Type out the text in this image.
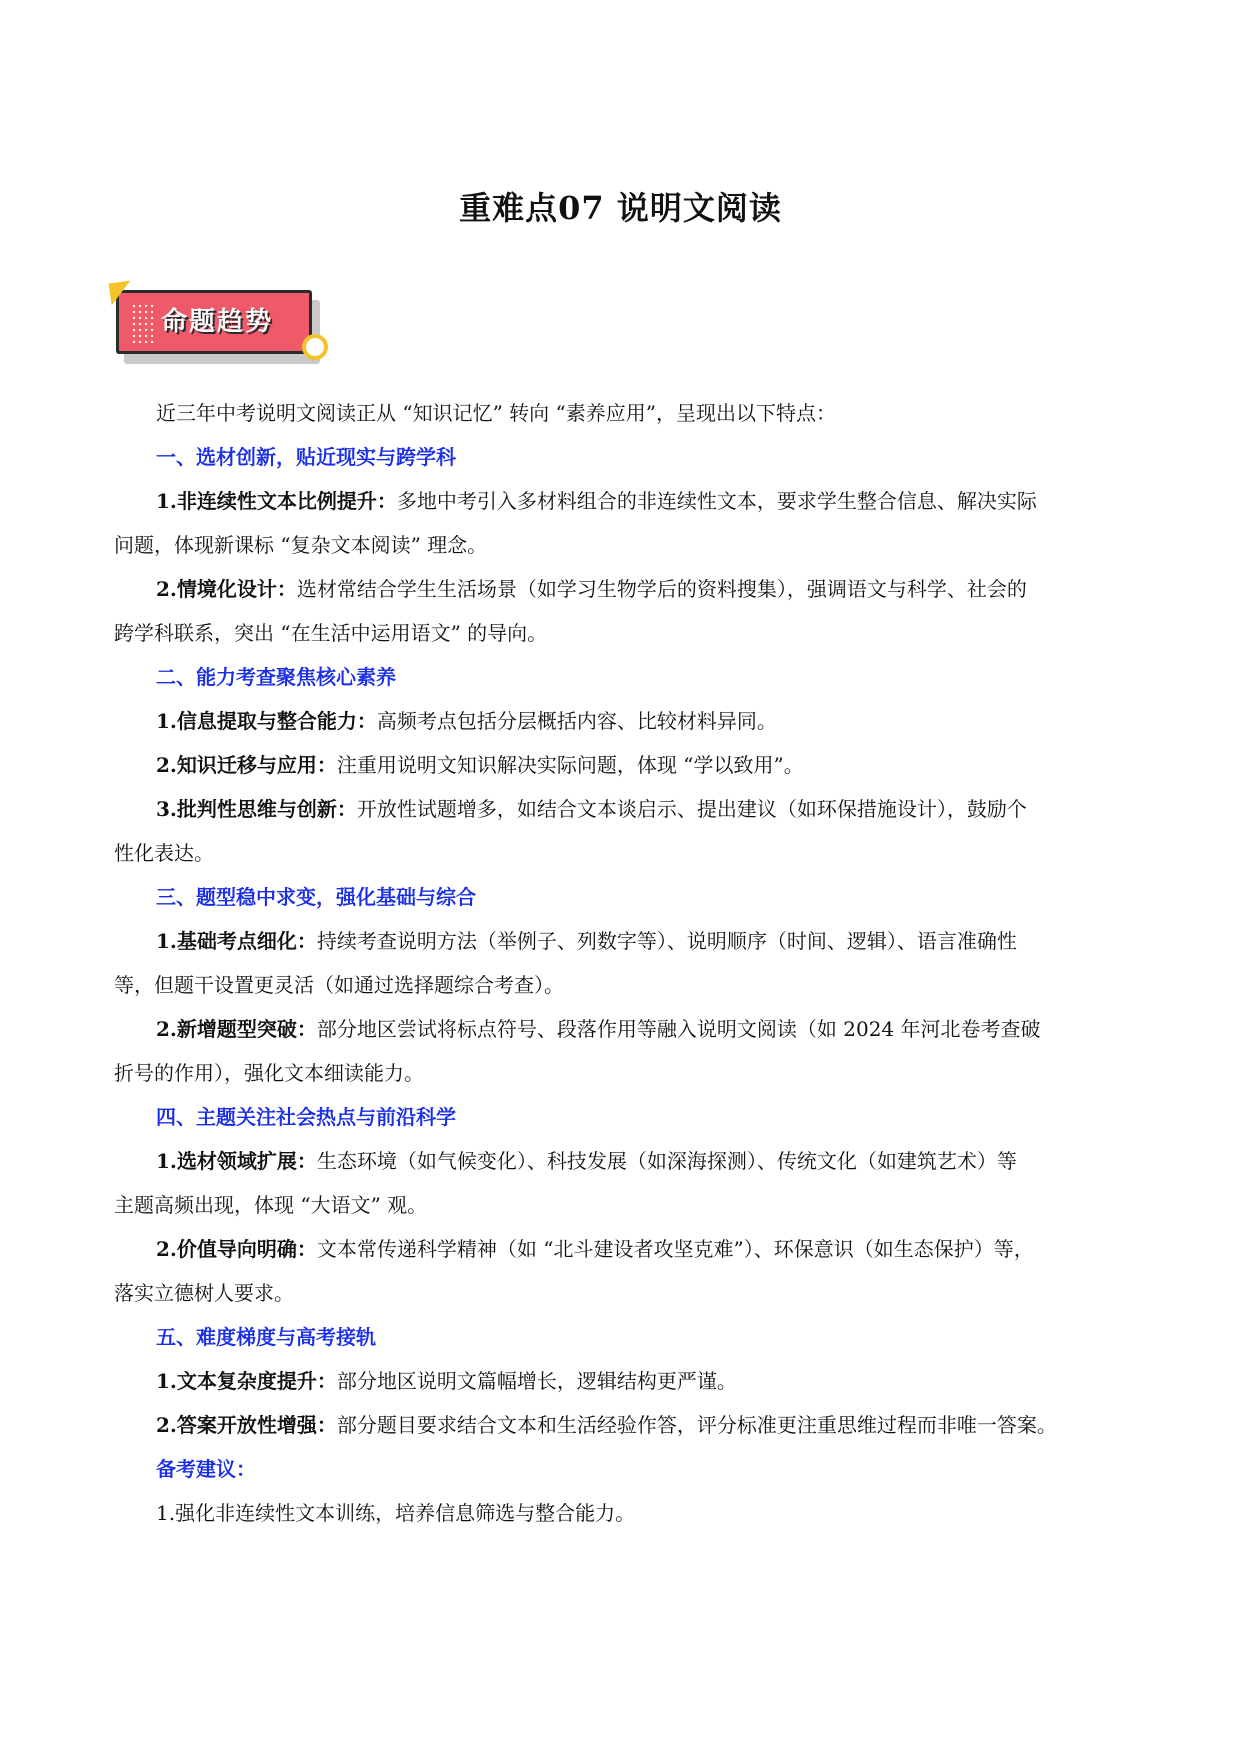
重难点07 说明文阅读
命题趋势

近三年中考说明文阅读正从 “知识记忆” 转向 “素养应用”，呈现出以下特点：

一、选材创新，贴近现实与跨学科

1.非连续性文本比例提升：多地中考引入多材料组合的非连续性文本，要求学生整合信息、解决实际

问题，体现新课标 “复杂文本阅读” 理念。

2.情境化设计：选材常结合学生生活场景（如学习生物学后的资料搜集），强调语文与科学、社会的

跨学科联系，突出 “在生活中运用语文” 的导向。

二、能力考查聚焦核心素养

1.信息提取与整合能力：高频考点包括分层概括内容、比较材料异同。

2.知识迁移与应用：注重用说明文知识解决实际问题，体现 “学以致用”。

3.批判性思维与创新：开放性试题增多，如结合文本谈启示、提出建议（如环保措施设计），鼓励个

性化表达。

三、题型稳中求变，强化基础与综合

1.基础考点细化：持续考查说明方法（举例子、列数字等）、说明顺序（时间、逻辑）、语言准确性

等，但题干设置更灵活（如通过选择题综合考查）。

2.新增题型突破：部分地区尝试将标点符号、段落作用等融入说明文阅读（如 2024 年河北卷考查破

折号的作用），强化文本细读能力。

四、主题关注社会热点与前沿科学

1.选材领域扩展：生态环境（如气候变化）、科技发展（如深海探测）、传统文化（如建筑艺术）等

主题高频出现，体现 “大语文” 观。

2.价值导向明确：文本常传递科学精神（如 “北斗建设者攻坚克难”）、环保意识（如生态保护）等，

落实立德树人要求。

五、难度梯度与高考接轨

1.文本复杂度提升：部分地区说明文篇幅增长，逻辑结构更严谨。

2.答案开放性增强：部分题目要求结合文本和生活经验作答，评分标准更注重思维过程而非唯一答案。

备考建议：

1.强化非连续性文本训练，培养信息筛选与整合能力。
